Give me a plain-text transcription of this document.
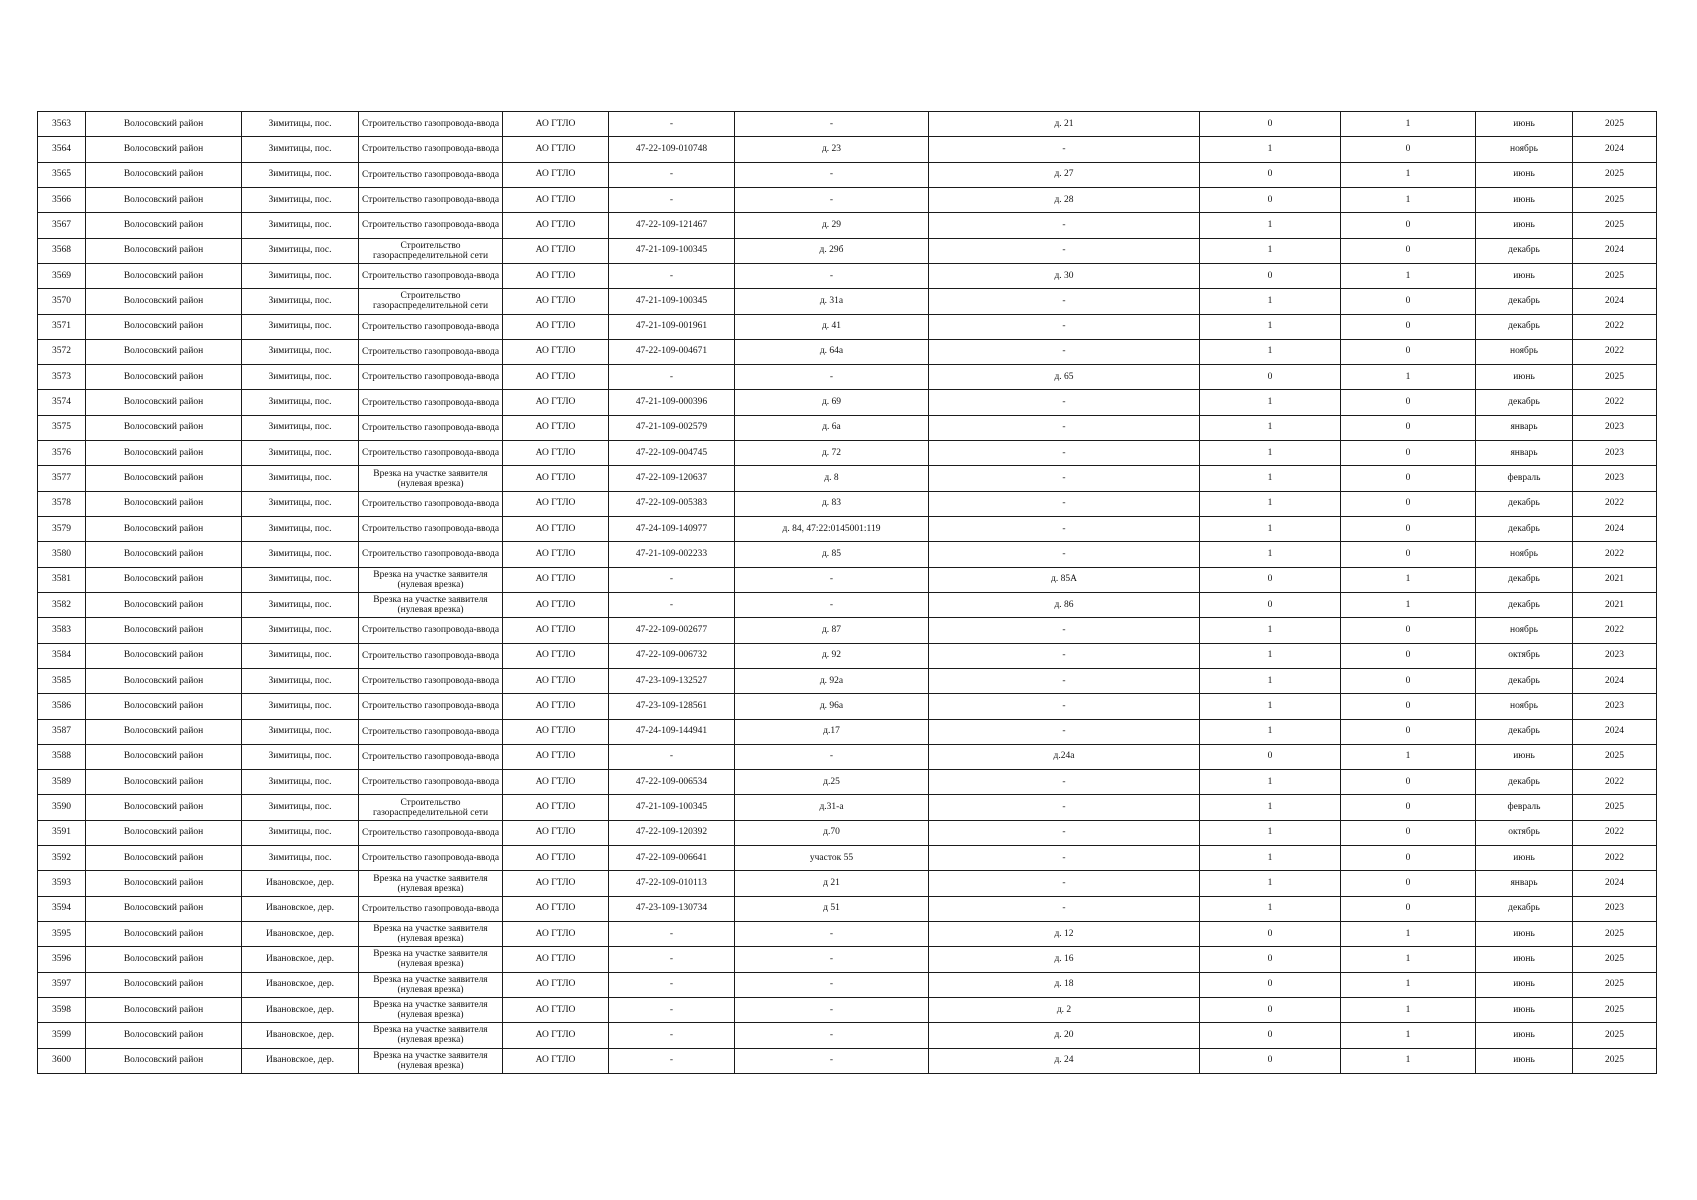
3563	Волосовский район	Зимитицы, пос.	Строительство газопровода-ввода	АО ГТЛО	-	-	д. 21	0	1	июнь	2025
3564	Волосовский район	Зимитицы, пос.	Строительство газопровода-ввода	АО ГТЛО	47-22-109-010748	д. 23	-	1	0	ноябрь	2024
3565	Волосовский район	Зимитицы, пос.	Строительство газопровода-ввода	АО ГТЛО	-	-	д. 27	0	1	июнь	2025
3566	Волосовский район	Зимитицы, пос.	Строительство газопровода-ввода	АО ГТЛО	-	-	д. 28	0	1	июнь	2025
3567	Волосовский район	Зимитицы, пос.	Строительство газопровода-ввода	АО ГТЛО	47-22-109-121467	д. 29	-	1	0	июнь	2025
3568	Волосовский район	Зимитицы, пос.	Строительство газораспределительной сети	АО ГТЛО	47-21-109-100345	д. 29б	-	1	0	декабрь	2024
3569	Волосовский район	Зимитицы, пос.	Строительство газопровода-ввода	АО ГТЛО	-	-	д. 30	0	1	июнь	2025
3570	Волосовский район	Зимитицы, пос.	Строительство газораспределительной сети	АО ГТЛО	47-21-109-100345	д. 31а	-	1	0	декабрь	2024
3571	Волосовский район	Зимитицы, пос.	Строительство газопровода-ввода	АО ГТЛО	47-21-109-001961	д. 41	-	1	0	декабрь	2022
3572	Волосовский район	Зимитицы, пос.	Строительство газопровода-ввода	АО ГТЛО	47-22-109-004671	д. 64а	-	1	0	ноябрь	2022
3573	Волосовский район	Зимитицы, пос.	Строительство газопровода-ввода	АО ГТЛО	-	-	д. 65	0	1	июнь	2025
3574	Волосовский район	Зимитицы, пос.	Строительство газопровода-ввода	АО ГТЛО	47-21-109-000396	д. 69	-	1	0	декабрь	2022
3575	Волосовский район	Зимитицы, пос.	Строительство газопровода-ввода	АО ГТЛО	47-21-109-002579	д. 6а	-	1	0	январь	2023
3576	Волосовский район	Зимитицы, пос.	Строительство газопровода-ввода	АО ГТЛО	47-22-109-004745	д. 72	-	1	0	январь	2023
3577	Волосовский район	Зимитицы, пос.	Врезка на участке заявителя (нулевая врезка)	АО ГТЛО	47-22-109-120637	д. 8	-	1	0	февраль	2023
3578	Волосовский район	Зимитицы, пос.	Строительство газопровода-ввода	АО ГТЛО	47-22-109-005383	д. 83	-	1	0	декабрь	2022
3579	Волосовский район	Зимитицы, пос.	Строительство газопровода-ввода	АО ГТЛО	47-24-109-140977	д. 84, 47:22:0145001:119	-	1	0	декабрь	2024
3580	Волосовский район	Зимитицы, пос.	Строительство газопровода-ввода	АО ГТЛО	47-21-109-002233	д. 85	-	1	0	ноябрь	2022
3581	Волосовский район	Зимитицы, пос.	Врезка на участке заявителя (нулевая врезка)	АО ГТЛО	-	-	д. 85А	0	1	декабрь	2021
3582	Волосовский район	Зимитицы, пос.	Врезка на участке заявителя (нулевая врезка)	АО ГТЛО	-	-	д. 86	0	1	декабрь	2021
3583	Волосовский район	Зимитицы, пос.	Строительство газопровода-ввода	АО ГТЛО	47-22-109-002677	д. 87	-	1	0	ноябрь	2022
3584	Волосовский район	Зимитицы, пос.	Строительство газопровода-ввода	АО ГТЛО	47-22-109-006732	д. 92	-	1	0	октябрь	2023
3585	Волосовский район	Зимитицы, пос.	Строительство газопровода-ввода	АО ГТЛО	47-23-109-132527	д. 92а	-	1	0	декабрь	2024
3586	Волосовский район	Зимитицы, пос.	Строительство газопровода-ввода	АО ГТЛО	47-23-109-128561	д. 96а	-	1	0	ноябрь	2023
3587	Волосовский район	Зимитицы, пос.	Строительство газопровода-ввода	АО ГТЛО	47-24-109-144941	д.17	-	1	0	декабрь	2024
3588	Волосовский район	Зимитицы, пос.	Строительство газопровода-ввода	АО ГТЛО	-	-	д.24а	0	1	июнь	2025
3589	Волосовский район	Зимитицы, пос.	Строительство газопровода-ввода	АО ГТЛО	47-22-109-006534	д.25	-	1	0	декабрь	2022
3590	Волосовский район	Зимитицы, пос.	Строительство газораспределительной сети	АО ГТЛО	47-21-109-100345	д.31-а	-	1	0	февраль	2025
3591	Волосовский район	Зимитицы, пос.	Строительство газопровода-ввода	АО ГТЛО	47-22-109-120392	д.70	-	1	0	октябрь	2022
3592	Волосовский район	Зимитицы, пос.	Строительство газопровода-ввода	АО ГТЛО	47-22-109-006641	участок 55	-	1	0	июнь	2022
3593	Волосовский район	Ивановское, дер.	Врезка на участке заявителя (нулевая врезка)	АО ГТЛО	47-22-109-010113	д 21	-	1	0	январь	2024
3594	Волосовский район	Ивановское, дер.	Строительство газопровода-ввода	АО ГТЛО	47-23-109-130734	д 51	-	1	0	декабрь	2023
3595	Волосовский район	Ивановское, дер.	Врезка на участке заявителя (нулевая врезка)	АО ГТЛО	-	-	д. 12	0	1	июнь	2025
3596	Волосовский район	Ивановское, дер.	Врезка на участке заявителя (нулевая врезка)	АО ГТЛО	-	-	д. 16	0	1	июнь	2025
3597	Волосовский район	Ивановское, дер.	Врезка на участке заявителя (нулевая врезка)	АО ГТЛО	-	-	д. 18	0	1	июнь	2025
3598	Волосовский район	Ивановское, дер.	Врезка на участке заявителя (нулевая врезка)	АО ГТЛО	-	-	д. 2	0	1	июнь	2025
3599	Волосовский район	Ивановское, дер.	Врезка на участке заявителя (нулевая врезка)	АО ГТЛО	-	-	д. 20	0	1	июнь	2025
3600	Волосовский район	Ивановское, дер.	Врезка на участке заявителя (нулевая врезка)	АО ГТЛО	-	-	д. 24	0	1	июнь	2025
